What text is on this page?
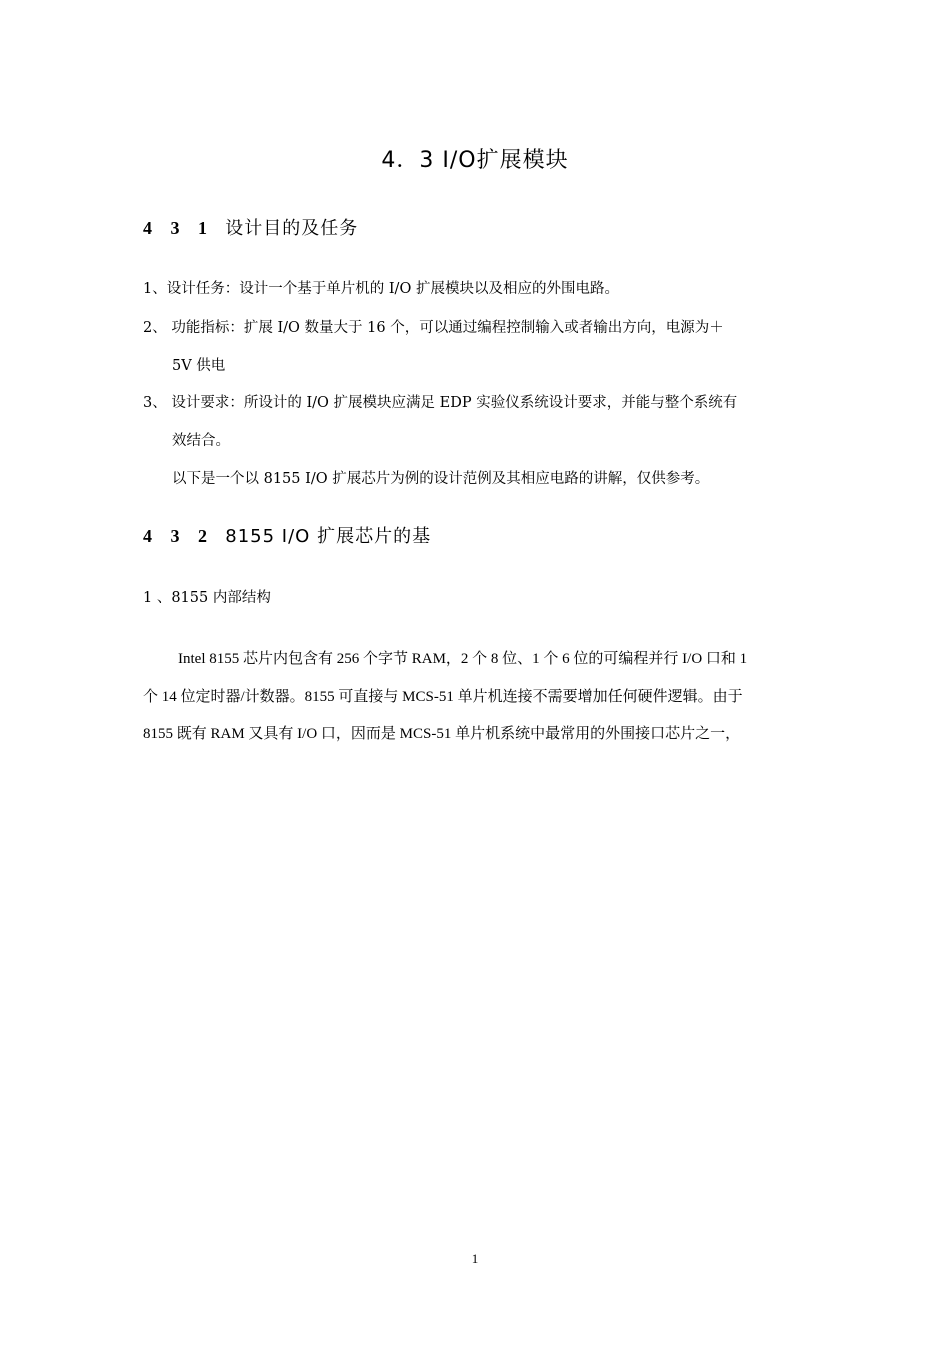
4．3 I/O扩展模块
4 3 1 设计目的及任务
1、设计任务：设计一个基于单片机的 I/O 扩展模块以及相应的外围电路。
2、 功能指标：扩展 I/O 数量大于 16 个，可以通过编程控制输入或者输出方向，电源为＋
5V 供电
3、 设计要求：所设计的 I/O 扩展模块应满足 EDP 实验仪系统设计要求，并能与整个系统有
效结合。
以下是一个以 8155 I/O 扩展芯片为例的设计范例及其相应电路的讲解，仅供参考。
4 3 2 8155 I/O 扩展芯片的基
1 、8155 内部结构
Intel 8155 芯片内包含有 256 个字节 RAM，2 个 8 位、1 个 6 位的可编程并行 I/O 口和 1
个 14 位定时器/计数器。8155 可直接与 MCS-51 单片机连接不需要增加任何硬件逻辑。由于
8155 既有 RAM 又具有 I/O 口，因而是 MCS-51 单片机系统中最常用的外围接口芯片之一，
1
